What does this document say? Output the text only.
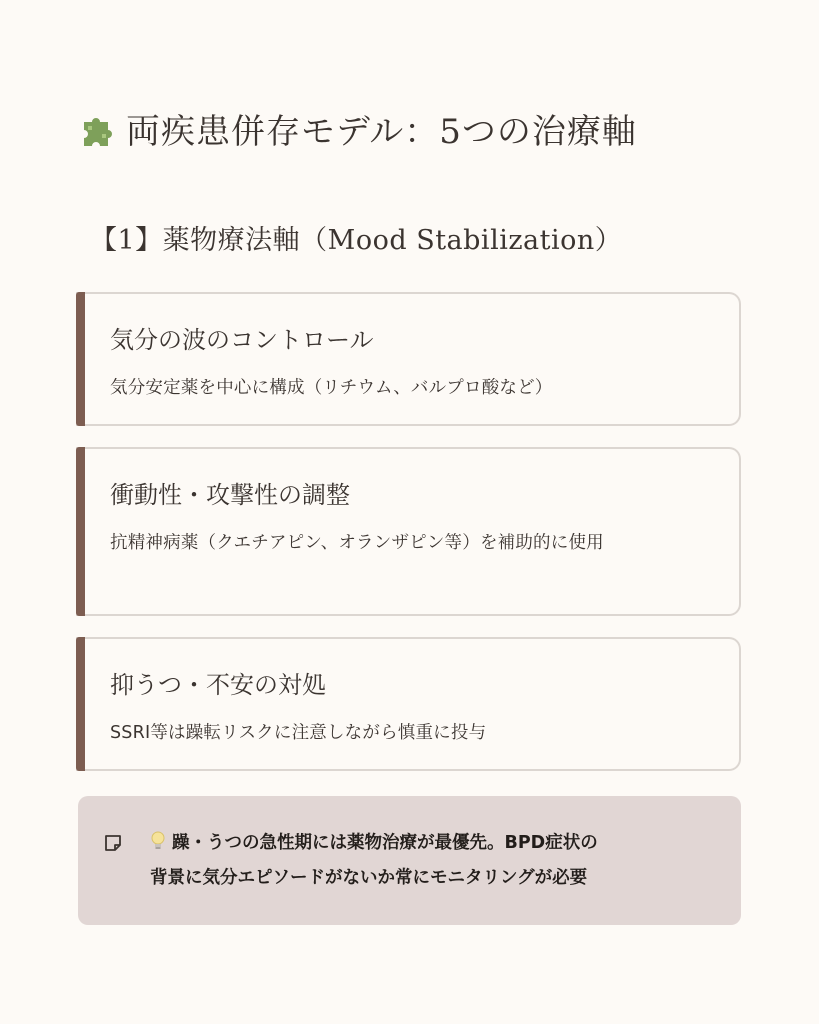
両疾患併存モデル：5つの治療軸
【1】薬物療法軸（Mood Stabilization）
気分の波のコントロール
気分安定薬を中心に構成（リチウム、バルプロ酸など）
衝動性・攻撃性の調整
抗精神病薬（クエチアピン、オランザピン等）を補助的に使用
抑うつ・不安の対処
SSRI等は躁転リスクに注意しながら慎重に投与
躁・うつの急性期には薬物治療が最優先。BPD症状の
背景に気分エピソードがないか常にモニタリングが必要
